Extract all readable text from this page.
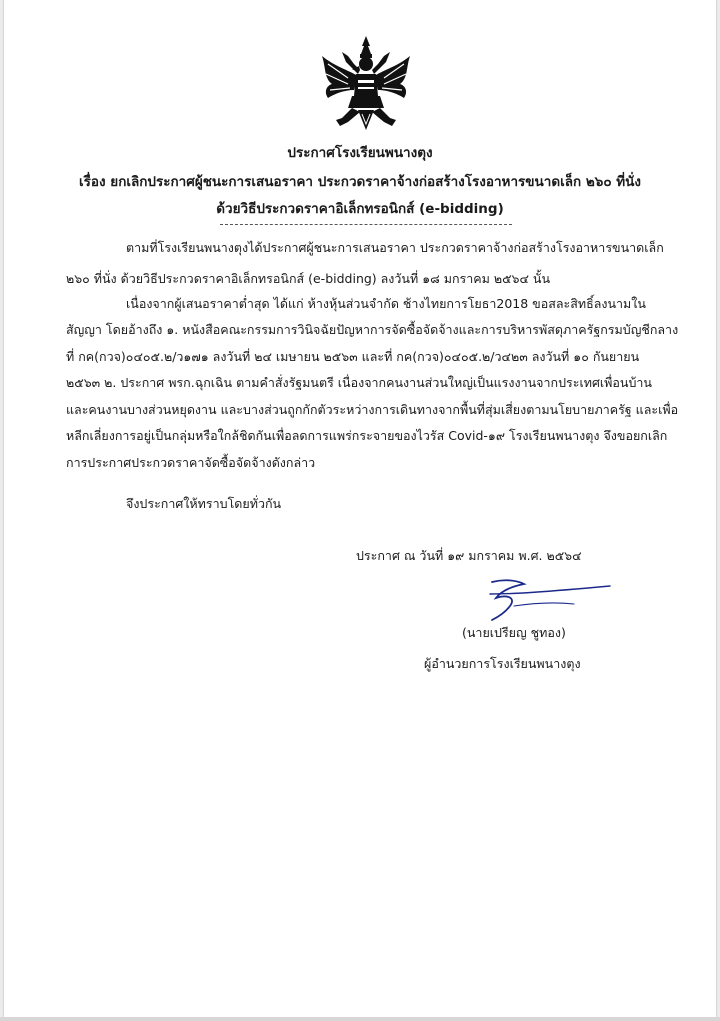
ประกาศโรงเรียนพนางตุง
เรื่อง ยกเลิกประกาศผู้ชนะการเสนอราคา ประกวดราคาจ้างก่อสร้างโรงอาหารขนาดเล็ก ๒๖๐ ที่นั่ง
ด้วยวิธีประกวดราคาอิเล็กทรอนิกส์ (e-bidding)
ตามที่โรงเรียนพนางตุงได้ประกาศผู้ชนะการเสนอราคา ประกวดราคาจ้างก่อสร้างโรงอาหารขนาดเล็ก
๒๖๐ ที่นั่ง ด้วยวิธีประกวดราคาอิเล็กทรอนิกส์ (e-bidding) ลงวันที่ ๑๘ มกราคม ๒๕๖๔ นั้น
เนื่องจากผู้เสนอราคาต่ำสุด ได้แก่ ห้างหุ้นส่วนจำกัด ช้างไทยการโยธา2018 ขอสละสิทธิ์ลงนามใน
สัญญา โดยอ้างถึง ๑. หนังสือคณะกรรมการวินิจฉัยปัญหาการจัดซื้อจัดจ้างและการบริหารพัสดุภาครัฐกรมบัญชีกลาง
ที่ กค(กวจ)๐๔๐๕.๒/ว๑๗๑ ลงวันที่ ๒๔ เมษายน ๒๕๖๓ และที่ กค(กวจ)๐๔๐๕.๒/ว๔๒๓ ลงวันที่ ๑๐ กันยายน
๒๕๖๓ ๒. ประกาศ พรก.ฉุกเฉิน ตามคำสั่งรัฐมนตรี เนื่องจากคนงานส่วนใหญ่เป็นแรงงานจากประเทศเพื่อนบ้าน
และคนงานบางส่วนหยุดงาน และบางส่วนถูกกักตัวระหว่างการเดินทางจากพื้นที่สุ่มเสี่ยงตามนโยบายภาครัฐ และเพื่อ
หลีกเลี่ยงการอยู่เป็นกลุ่มหรือใกล้ชิดกันเพื่อลดการแพร่กระจายของไวรัส Covid-๑๙ โรงเรียนพนางตุง จึงขอยกเลิก
การประกาศประกวดราคาจัดซื้อจัดจ้างดังกล่าว
จึงประกาศให้ทราบโดยทั่วกัน
ประกาศ ณ วันที่ ๑๙ มกราคม พ.ศ. ๒๕๖๔
(นายเปรียญ ชูทอง)
ผู้อำนวยการโรงเรียนพนางตุง
